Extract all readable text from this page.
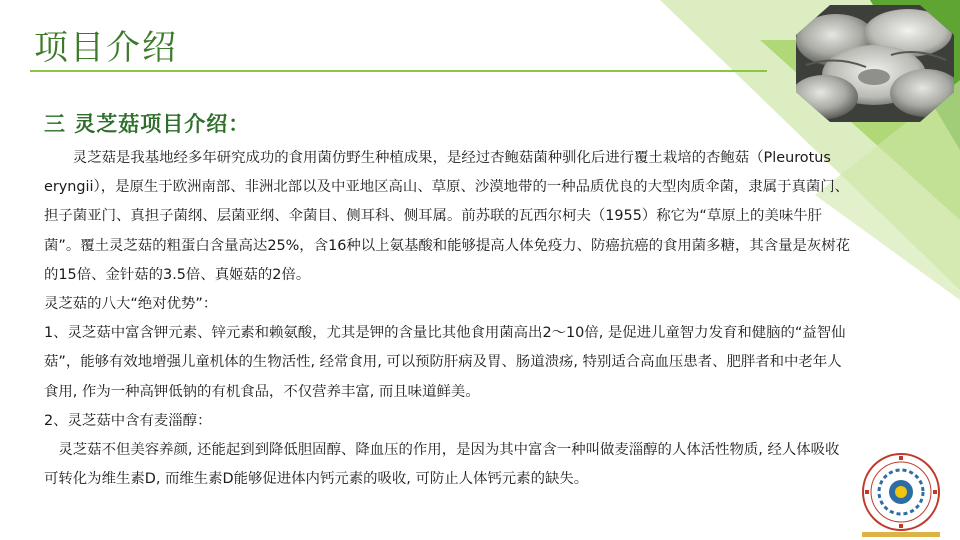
项目介绍
三 灵芝菇项目介绍：

灵芝菇是我基地经多年研究成功的食用菌仿野生种植成果，是经过杏鲍菇菌种驯化后进行覆土栽培的杏鲍菇（Pleurotus eryngii），是原生于欧洲南部、非洲北部以及中亚地区高山、草原、沙漠地带的一种品质优良的大型肉质伞菌，隶属于真菌门、担子菌亚门、真担子菌纲、层菌亚纲、伞菌目、侧耳科、侧耳属。前苏联的瓦西尔柯夫（1955）称它为“草原上的美味牛肝菌”。覆土灵芝菇的粗蛋白含量高达25%，含16种以上氨基酸和能够提高人体免疫力、防癌抗癌的食用菌多糖，其含量是灰树花的15倍、金针菇的3.5倍、真姬菇的2倍。

灵芝菇的八大“绝对优势”：

1、灵芝菇中富含钾元素、锌元素和赖氨酸，尤其是钾的含量比其他食用菌高出2～10倍, 是促进儿童智力发育和健脑的“益智仙菇”，能够有效地增强儿童机体的生物活性, 经常食用, 可以预防肝病及胃、肠道溃疡, 特别适合高血压患者、肥胖者和中老年人食用, 作为一种高钾低钠的有机食品，不仅营养丰富, 而且味道鲜美。

2、灵芝菇中含有麦淄醇：

灵芝菇不但美容养颜, 还能起到到降低胆固醇、降血压的作用，是因为其中富含一种叫做麦淄醇的人体活性物质, 经人体吸收可转化为维生素D, 而维生素D能够促进体内钙元素的吸收, 可防止人体钙元素的缺失。
